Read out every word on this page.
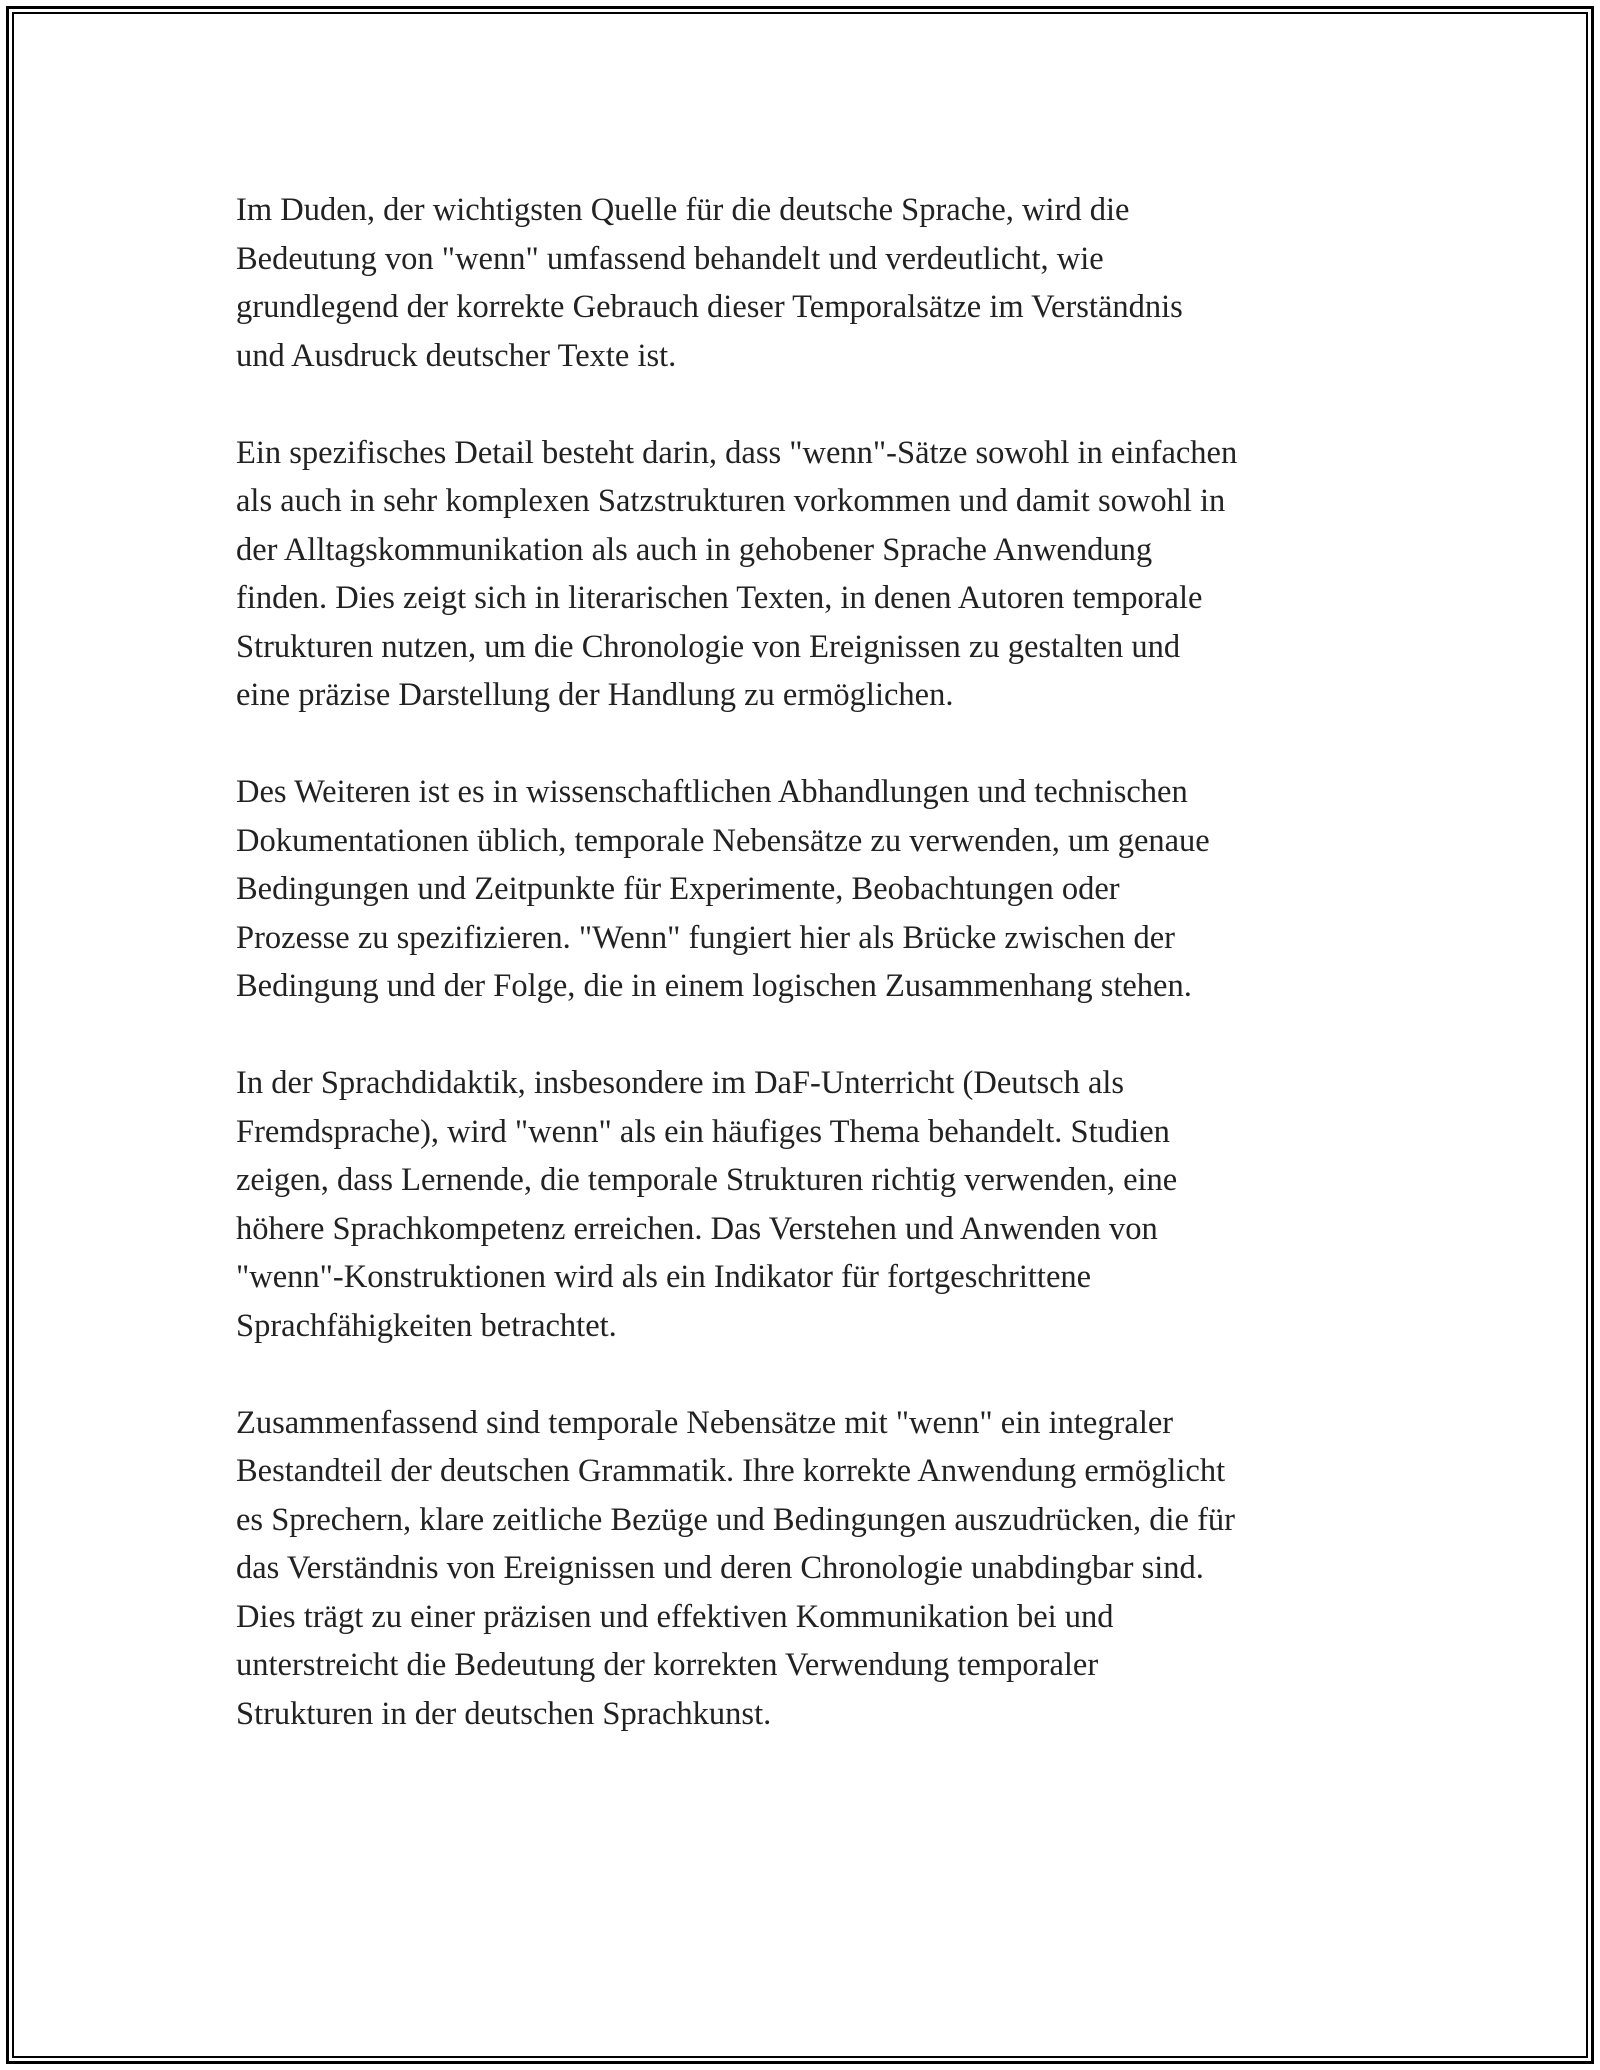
Im Duden, der wichtigsten Quelle für die deutsche Sprache, wird die
Bedeutung von "wenn" umfassend behandelt und verdeutlicht, wie
grundlegend der korrekte Gebrauch dieser Temporalsätze im Verständnis
und Ausdruck deutscher Texte ist.

Ein spezifisches Detail besteht darin, dass "wenn"-Sätze sowohl in einfachen
als auch in sehr komplexen Satzstrukturen vorkommen und damit sowohl in
der Alltagskommunikation als auch in gehobener Sprache Anwendung
finden. Dies zeigt sich in literarischen Texten, in denen Autoren temporale
Strukturen nutzen, um die Chronologie von Ereignissen zu gestalten und
eine präzise Darstellung der Handlung zu ermöglichen.

Des Weiteren ist es in wissenschaftlichen Abhandlungen und technischen
Dokumentationen üblich, temporale Nebensätze zu verwenden, um genaue
Bedingungen und Zeitpunkte für Experimente, Beobachtungen oder
Prozesse zu spezifizieren. "Wenn" fungiert hier als Brücke zwischen der
Bedingung und der Folge, die in einem logischen Zusammenhang stehen.

In der Sprachdidaktik, insbesondere im DaF-Unterricht (Deutsch als
Fremdsprache), wird "wenn" als ein häufiges Thema behandelt. Studien
zeigen, dass Lernende, die temporale Strukturen richtig verwenden, eine
höhere Sprachkompetenz erreichen. Das Verstehen und Anwenden von
"wenn"-Konstruktionen wird als ein Indikator für fortgeschrittene
Sprachfähigkeiten betrachtet.

Zusammenfassend sind temporale Nebensätze mit "wenn" ein integraler
Bestandteil der deutschen Grammatik. Ihre korrekte Anwendung ermöglicht
es Sprechern, klare zeitliche Bezüge und Bedingungen auszudrücken, die für
das Verständnis von Ereignissen und deren Chronologie unabdingbar sind.
Dies trägt zu einer präzisen und effektiven Kommunikation bei und
unterstreicht die Bedeutung der korrekten Verwendung temporaler
Strukturen in der deutschen Sprachkunst.
